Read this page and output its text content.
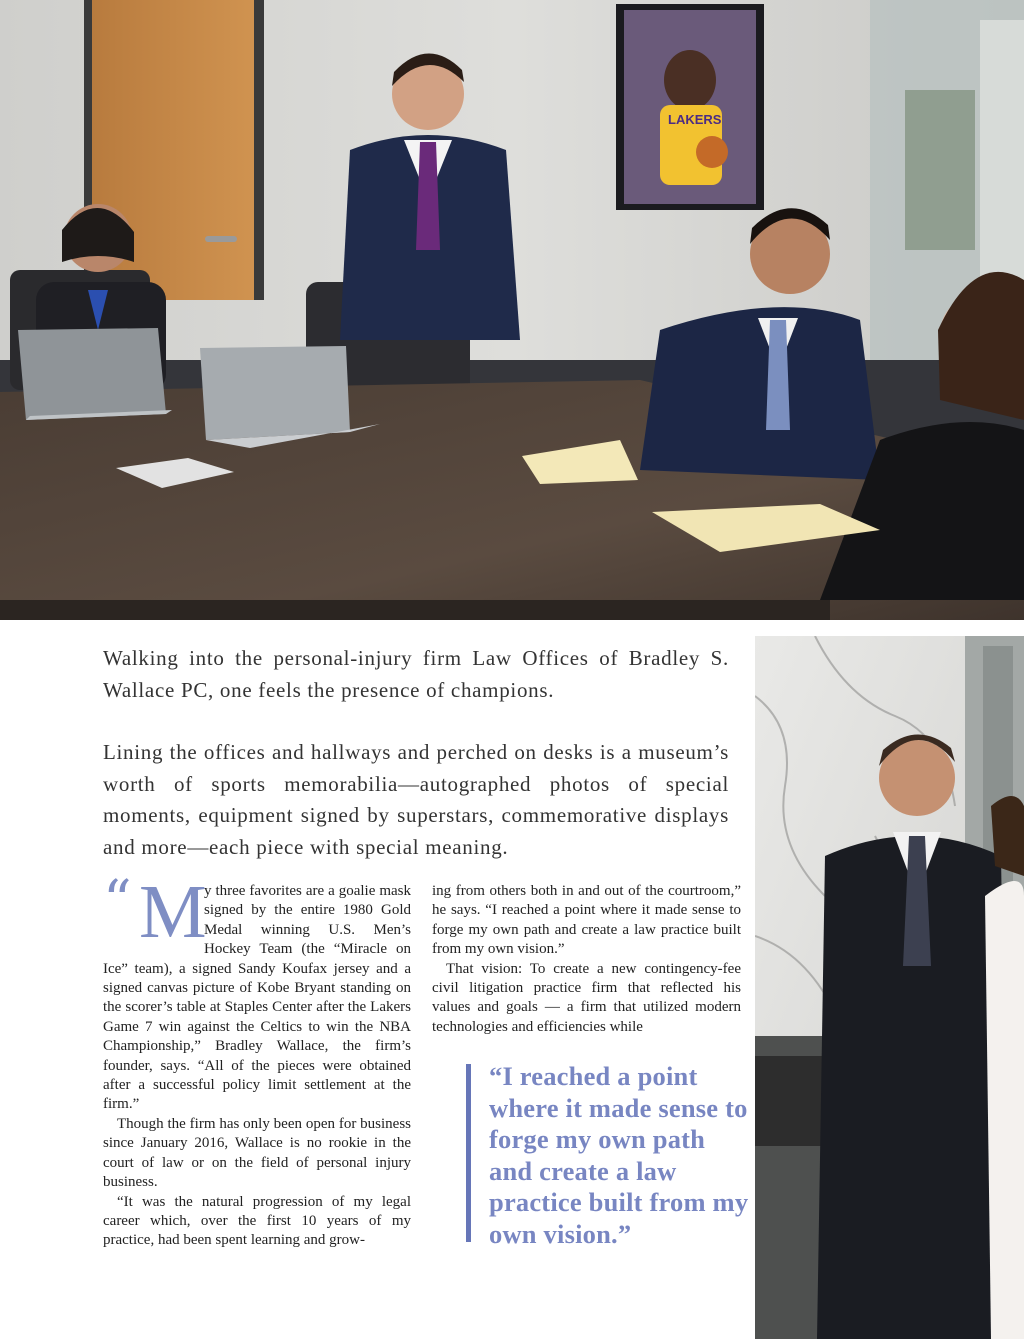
LAKERS

Walking into the personal-injury firm Law Offices of Bradley S. Wallace PC, one feels the presence of champions.

Lining the offices and hallways and perched on desks is a museum’s worth of sports memorabilia—autographed photos of special moments, equipment signed by superstars, commemorative displays and more—each piece with special meaning.

“ M
y three favorites are a goalie mask signed by the entire 1980 Gold Medal winning U.S. Men’s Hockey Team (the “Miracle on Ice” team), a signed Sandy Koufax jersey and a signed canvas picture of Kobe Bryant standing on the scorer’s table at Staples Center after the Lakers Game 7 win against the Celtics to win the NBA Championship,” Bradley Wallace, the firm’s founder, says. “All of the pieces were obtained after a successful policy limit settlement at the firm.”

Though the firm has only been open for business since January 2016, Wallace is no rookie in the court of law or on the field of personal injury business.

“It was the natural progression of my legal career which, over the first 10 years of my practice, had been spent learning and grow-

ing from others both in and out of the courtroom,” he says. “I reached a point where it made sense to forge my own path and create a law practice built from my own vision.”

That vision: To create a new contingency-fee civil litigation practice firm that reflected his values and goals — a firm that utilized modern technologies and efficiencies while

“I reached a point where it made sense to forge my own path and create a law practice built from my own vision.”
